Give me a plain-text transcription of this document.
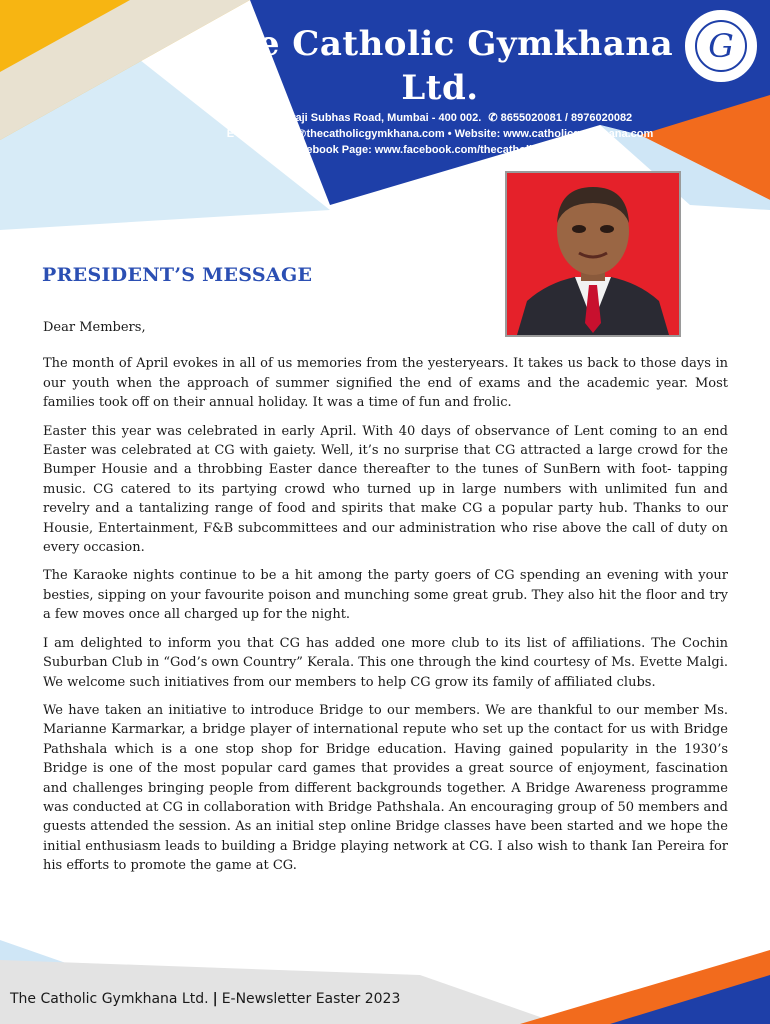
G
The Catholic Gymkhana Ltd.

47-A, Netaji Subhas Road, Mumbai - 400 002. ✆ 8655020081 / 8976020082

E-mail: office@thecatholicgymkhana.com • Website: www.catholicgymkhana.com

Facebook Page: www.facebook.com/thecatholicgymkhana

PRESIDENT’S MESSAGE

Dear Members,

The month of April evokes in all of us memories from the yesteryears. It takes us back to those days in our youth when the approach of summer signified the end of exams and the academic year. Most families took off on their annual holiday. It was a time of fun and frolic.

Easter this year was celebrated in early April. With 40 days of observance of Lent coming to an end Easter was celebrated at CG with gaiety. Well, it’s no surprise that CG attracted a large crowd for the Bumper Housie and a throbbing Easter dance thereafter to the tunes of SunBern with foot- tapping music. CG catered to its partying crowd who turned up in large numbers with unlimited fun and revelry and a tantalizing range of food and spirits that make CG a popular party hub. Thanks to our Housie, Entertainment, F&B subcommittees and our administration who rise above the call of duty on every occasion.

The Karaoke nights continue to be a hit among the party goers of CG spending an evening with your besties, sipping on your favourite poison and munching some great grub. They also hit the floor and try a few moves once all charged up for the night.

I am delighted to inform you that CG has added one more club to its list of affiliations. The Cochin Suburban Club in “God’s own Country” Kerala. This one through the kind courtesy of Ms. Evette Malgi. We welcome such initiatives from our members to help CG grow its family of affiliated clubs.

We have taken an initiative to introduce Bridge to our members. We are thankful to our member Ms. Marianne Karmarkar, a bridge player of international repute who set up the contact for us with Bridge Pathshala which is a one stop shop for Bridge education. Having gained popularity in the 1930’s Bridge is one of the most popular card games that provides a great source of enjoyment, fascination and challenges bringing people from different backgrounds together. A Bridge Awareness programme was conducted at CG in collaboration with Bridge Pathshala. An encouraging group of 50 members and guests attended the session. As an initial step online Bridge classes have been started and we hope the initial enthusiasm leads to building a Bridge playing network at CG. I also wish to thank Ian Pereira for his efforts to promote the game at CG.

The Catholic Gymkhana Ltd. | E-Newsletter Easter 2023
